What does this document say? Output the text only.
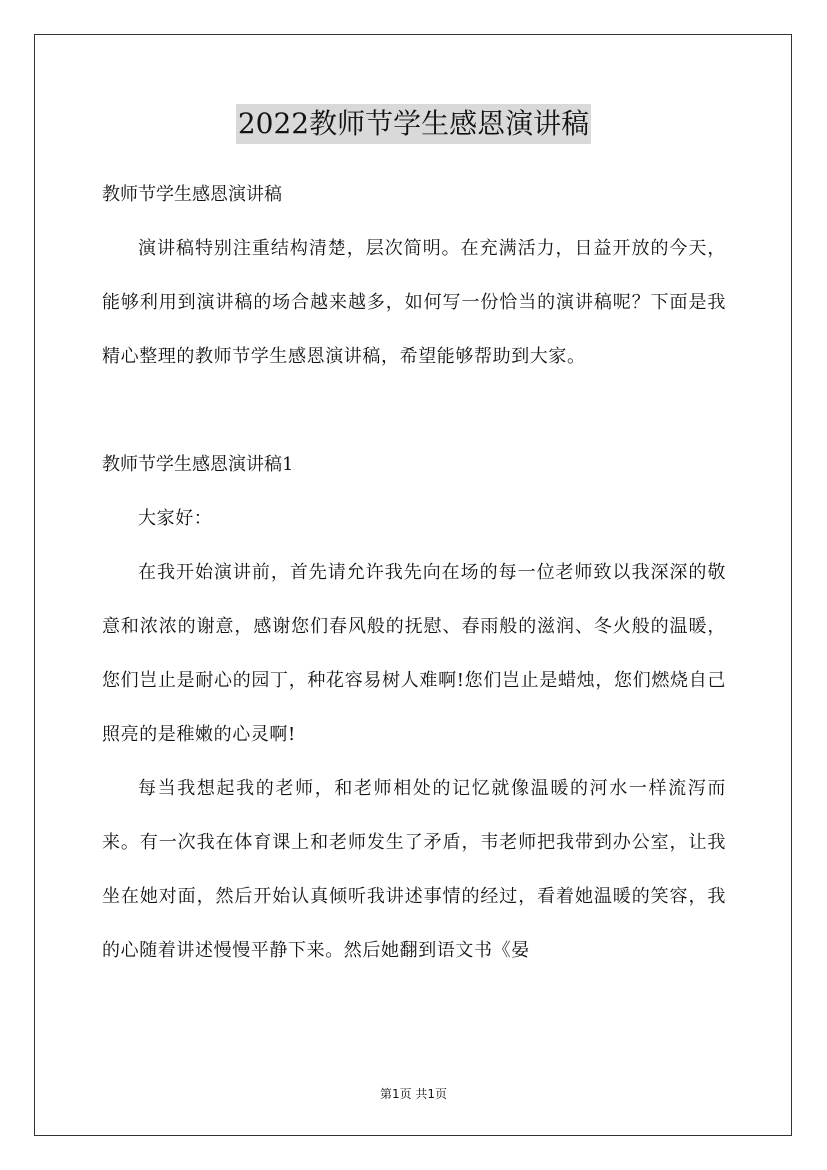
2022教师节学生感恩演讲稿

教师节学生感恩演讲稿

演讲稿特别注重结构清楚，层次简明。在充满活力，日益开放的今天，能够利用到演讲稿的场合越来越多，如何写一份恰当的演讲稿呢？下面是我精心整理的教师节学生感恩演讲稿，希望能够帮助到大家。

教师节学生感恩演讲稿1

大家好：

在我开始演讲前，首先请允许我先向在场的每一位老师致以我深深的敬意和浓浓的谢意，感谢您们春风般的抚慰、春雨般的滋润、冬火般的温暖，您们岂止是耐心的园丁，种花容易树人难啊!您们岂止是蜡烛，您们燃烧自己照亮的是稚嫩的心灵啊!

每当我想起我的老师，和老师相处的记忆就像温暖的河水一样流泻而来。有一次我在体育课上和老师发生了矛盾，韦老师把我带到办公室，让我坐在她对面，然后开始认真倾听我讲述事情的经过，看着她温暖的笑容，我的心随着讲述慢慢平静下来。然后她翻到语文书《晏

第1页 共1页
